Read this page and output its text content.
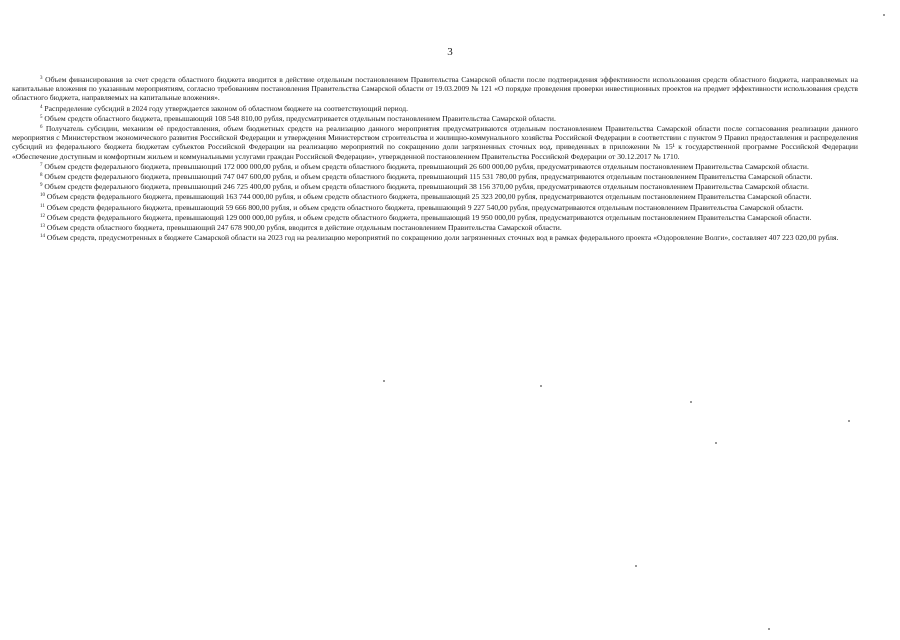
3

$^3$ Объем финансирования за счет средств областного бюджета вводится в действие отдельным постановлением Правительства Самарской области после подтверждения эффективности использования средств областного бюджета, направляемых на капитальные вложения по указанным мероприятиям, согласно требованиям постановления Правительства Самарской области от 19.03.2009 № 121 «О порядке проведения проверки инвестиционных проектов на предмет эффективности использования средств областного бюджета, направляемых на капитальные вложения».

$^4$ Распределение субсидий в 2024 году утверждается законом об областном бюджете на соответствующий период.

$^5$ Объем средств областного бюджета, превышающий 108 548 810,00 рубля, предусматривается отдельным постановлением Правительства Самарской области.

$^6$ Получатель субсидии, механизм её предоставления, объем бюджетных средств на реализацию данного мероприятия предусматриваются отдельным постановлением Правительства Самарской области после согласования реализации данного мероприятия с Министерством экономического развития Российской Федерации и утверждения Министерством строительства и жилищно-коммунального хозяйства Российской Федерации в соответствии с пунктом 9 Правил предоставления и распределения субсидий из федерального бюджета бюджетам субъектов Российской Федерации на реализацию мероприятий по сокращению доли загрязненных сточных вод, приведенных в приложении № 15¹ к государственной программе Российской Федерации «Обеспечение доступным и комфортным жильем и коммунальными услугами граждан Российской Федерации», утвержденной постановлением Правительства Российской Федерации от 30.12.2017 № 1710.

$^7$ Объем средств федерального бюджета, превышающий 172 000 000,00 рубля, и объем средств областного бюджета, превышающий 26 600 000,00 рубля, предусматриваются отдельным постановлением Правительства Самарской области.

$^8$ Объем средств федерального бюджета, превышающий 747 047 600,00 рубля, и объем средств областного бюджета, превышающий 115 531 780,00 рубля, предусматриваются отдельным постановлением Правительства Самарской области.

$^9$ Объем средств федерального бюджета, превышающий 246 725 400,00 рубля, и объем средств областного бюджета, превышающий 38 156 370,00 рубля, предусматриваются отдельным постановлением Правительства Самарской области.

$^{10}$ Объем средств федерального бюджета, превышающий 163 744 000,00 рубля, и объем средств областного бюджета, превышающий 25 323 200,00 рубля, предусматриваются отдельным постановлением Правительства Самарской области.

$^{11}$ Объем средств федерального бюджета, превышающий 59 666 800,00 рубля, и объем средств областного бюджета, превышающий 9 227 540,00 рубля, предусматриваются отдельным постановлением Правительства Самарской области.

$^{12}$ Объем средств федерального бюджета, превышающий 129 000 000,00 рубля, и объем средств областного бюджета, превышающий 19 950 000,00 рубля, предусматриваются отдельным постановлением Правительства Самарской области.

$^{13}$ Объем средств областного бюджета, превышающий 247 678 900,00 рубля, вводится в действие отдельным постановлением Правительства Самарской области.

$^{14}$ Объем средств, предусмотренных в бюджете Самарской области на 2023 год на реализацию мероприятий по сокращению доли загрязненных сточных вод в рамках федерального проекта «Оздоровление Волги», составляет 407 223 020,00 рубля.
